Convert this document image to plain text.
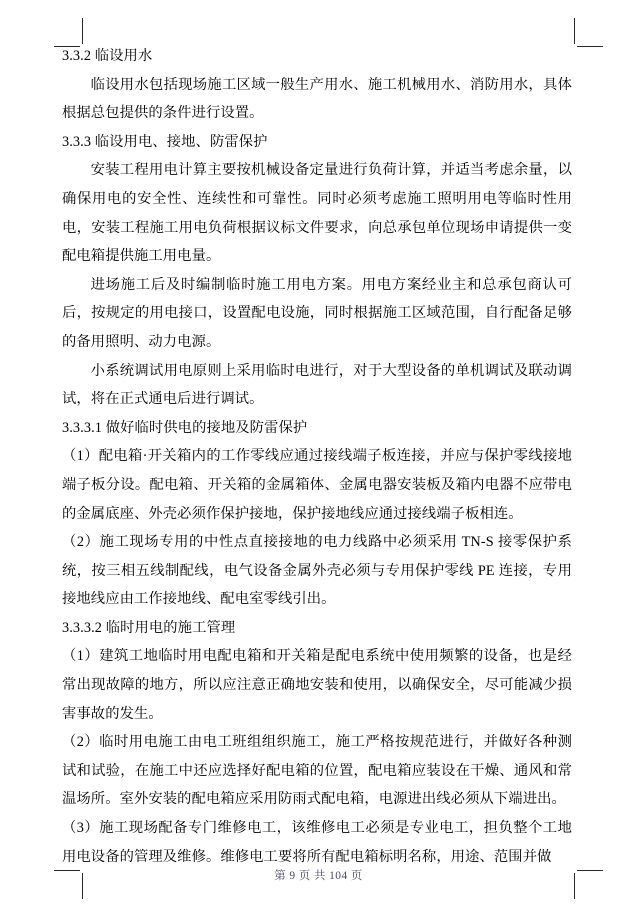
3.3.2 临设用水

临设用水包括现场施工区域一般生产用水、施工机械用水、消防用水，具体根据总包提供的条件进行设置。

3.3.3 临设用电、接地、防雷保护

安装工程用电计算主要按机械设备定量进行负荷计算，并适当考虑余量，以确保用电的安全性、连续性和可靠性。同时必须考虑施工照明用电等临时性用电，安装工程施工用电负荷根据议标文件要求，向总承包单位现场申请提供一变配电箱提供施工用电量。

进场施工后及时编制临时施工用电方案。用电方案经业主和总承包商认可后，按规定的用电接口，设置配电设施，同时根据施工区域范围，自行配备足够的备用照明、动力电源。

小系统调试用电原则上采用临时电进行，对于大型设备的单机调试及联动调试，将在正式通电后进行调试。

3.3.3.1 做好临时供电的接地及防雷保护

（1）配电箱·开关箱内的工作零线应通过接线端子板连接，并应与保护零线接地端子板分设。配电箱、开关箱的金属箱体、金属电器安装板及箱内电器不应带电的金属底座、外壳必须作保护接地，保护接地线应通过接线端子板相连。

（2）施工现场专用的中性点直接接地的电力线路中必须采用 TN-S 接零保护系统，按三相五线制配线，电气设备金属外壳必须与专用保护零线 PE 连接，专用接地线应由工作接地线、配电室零线引出。

3.3.3.2 临时用电的施工管理

（1）建筑工地临时用电配电箱和开关箱是配电系统中使用频繁的设备，也是经常出现故障的地方，所以应注意正确地安装和使用，以确保安全，尽可能减少损害事故的发生。

（2）临时用电施工由电工班组组织施工，施工严格按规范进行，并做好各种测试和试验，在施工中还应选择好配电箱的位置，配电箱应装设在干燥、通风和常温场所。室外安装的配电箱应采用防雨式配电箱，电源进出线必须从下端进出。

（3）施工现场配备专门维修电工，该维修电工必须是专业电工，担负整个工地用电设备的管理及维修。维修电工要将所有配电箱标明名称，用途、范围并做

第 9 页 共 104 页
